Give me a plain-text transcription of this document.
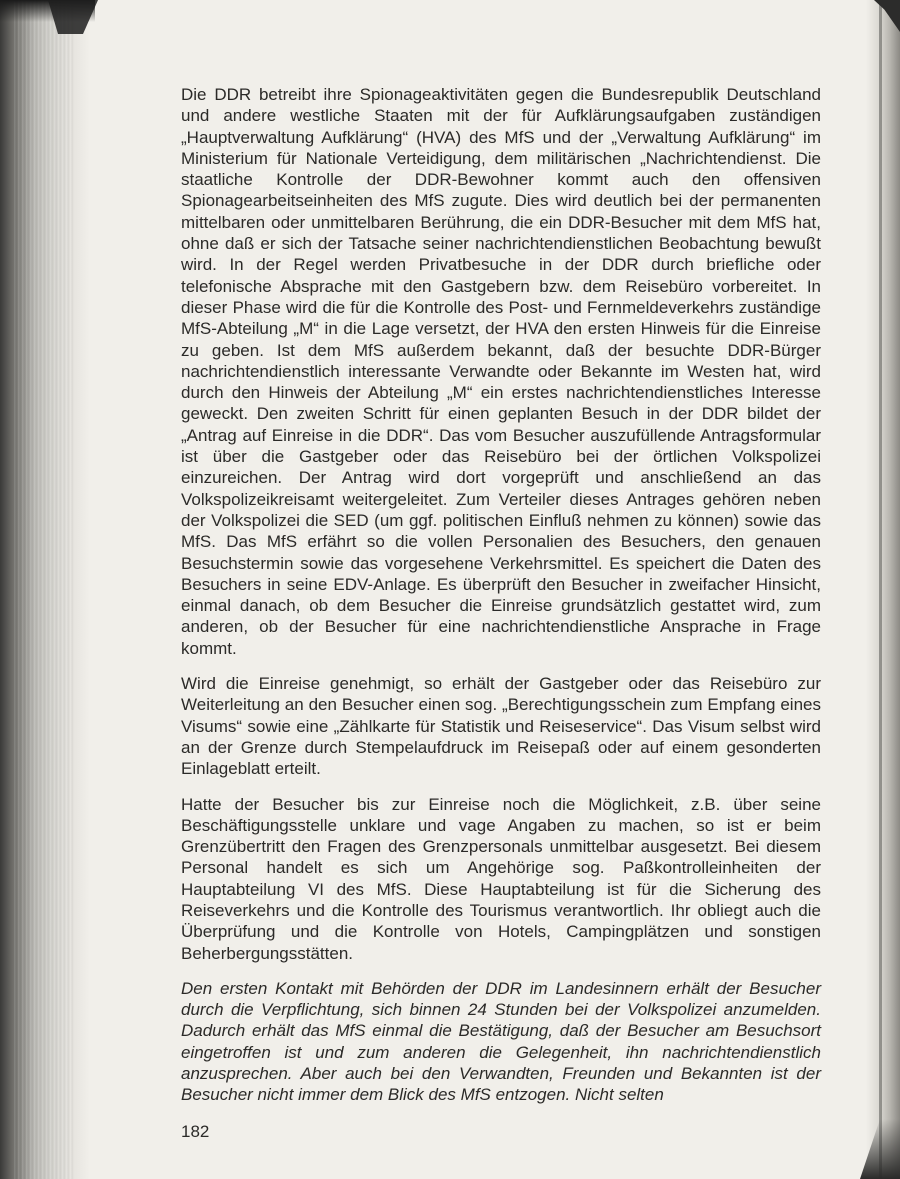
Die DDR betreibt ihre Spionageaktivitäten gegen die Bundesrepublik Deutschland und andere westliche Staaten mit der für Aufklärungsaufgaben zuständigen „Hauptverwaltung Aufklärung“ (HVA) des MfS und der „Verwaltung Aufklärung“ im Ministerium für Nationale Verteidigung, dem militärischen „Nachrichtendienst. Die staatliche Kontrolle der DDR-Bewohner kommt auch den offensiven Spionagearbeitseinheiten des MfS zugute. Dies wird deutlich bei der permanenten mittelbaren oder unmittelbaren Berührung, die ein DDR-Besucher mit dem MfS hat, ohne daß er sich der Tatsache seiner nachrichtendienstlichen Beobachtung bewußt wird. In der Regel werden Privatbesuche in der DDR durch briefliche oder telefonische Absprache mit den Gastgebern bzw. dem Reisebüro vorbereitet. In dieser Phase wird die für die Kontrolle des Post- und Fernmeldeverkehrs zuständige MfS-Abteilung „M“ in die Lage versetzt, der HVA den ersten Hinweis für die Einreise zu geben. Ist dem MfS außerdem bekannt, daß der besuchte DDR-Bürger nachrichtendienstlich interessante Verwandte oder Bekannte im Westen hat, wird durch den Hinweis der Abteilung „M“ ein erstes nachrichtendienstliches Interesse geweckt. Den zweiten Schritt für einen geplanten Besuch in der DDR bildet der „Antrag auf Einreise in die DDR“. Das vom Besucher auszufüllende Antragsformular ist über die Gastgeber oder das Reisebüro bei der örtlichen Volkspolizei einzureichen. Der Antrag wird dort vorgeprüft und anschließend an das Volkspolizeikreisamt weitergeleitet. Zum Verteiler dieses Antrages gehören neben der Volkspolizei die SED (um ggf. politischen Einfluß nehmen zu können) sowie das MfS. Das MfS erfährt so die vollen Personalien des Besuchers, den genauen Besuchstermin sowie das vorgesehene Verkehrsmittel. Es speichert die Daten des Besuchers in seine EDV-Anlage. Es überprüft den Besucher in zweifacher Hinsicht, einmal danach, ob dem Besucher die Einreise grundsätzlich gestattet wird, zum anderen, ob der Besucher für eine nachrichtendienstliche Ansprache in Frage kommt.

Wird die Einreise genehmigt, so erhält der Gastgeber oder das Reisebüro zur Weiterleitung an den Besucher einen sog. „Berechtigungsschein zum Empfang eines Visums“ sowie eine „Zählkarte für Statistik und Reiseservice“. Das Visum selbst wird an der Grenze durch Stempelaufdruck im Reisepaß oder auf einem gesonderten Einlageblatt erteilt.

Hatte der Besucher bis zur Einreise noch die Möglichkeit, z.B. über seine Beschäftigungsstelle unklare und vage Angaben zu machen, so ist er beim Grenzübertritt den Fragen des Grenzpersonals unmittelbar ausgesetzt. Bei diesem Personal handelt es sich um Angehörige sog. Paßkontrolleinheiten der Hauptabteilung VI des MfS. Diese Hauptabteilung ist für die Sicherung des Reiseverkehrs und die Kontrolle des Tourismus verantwortlich. Ihr obliegt auch die Überprüfung und die Kontrolle von Hotels, Campingplätzen und sonstigen Beherbergungsstätten.

Den ersten Kontakt mit Behörden der DDR im Landesinnern erhält der Besucher durch die Verpflichtung, sich binnen 24 Stunden bei der Volkspolizei anzumelden. Dadurch erhält das MfS einmal die Bestätigung, daß der Besucher am Besuchsort eingetroffen ist und zum anderen die Gelegenheit, ihn nachrichtendienstlich anzusprechen. Aber auch bei den Verwandten, Freunden und Bekannten ist der Besucher nicht immer dem Blick des MfS entzogen. Nicht selten

182
